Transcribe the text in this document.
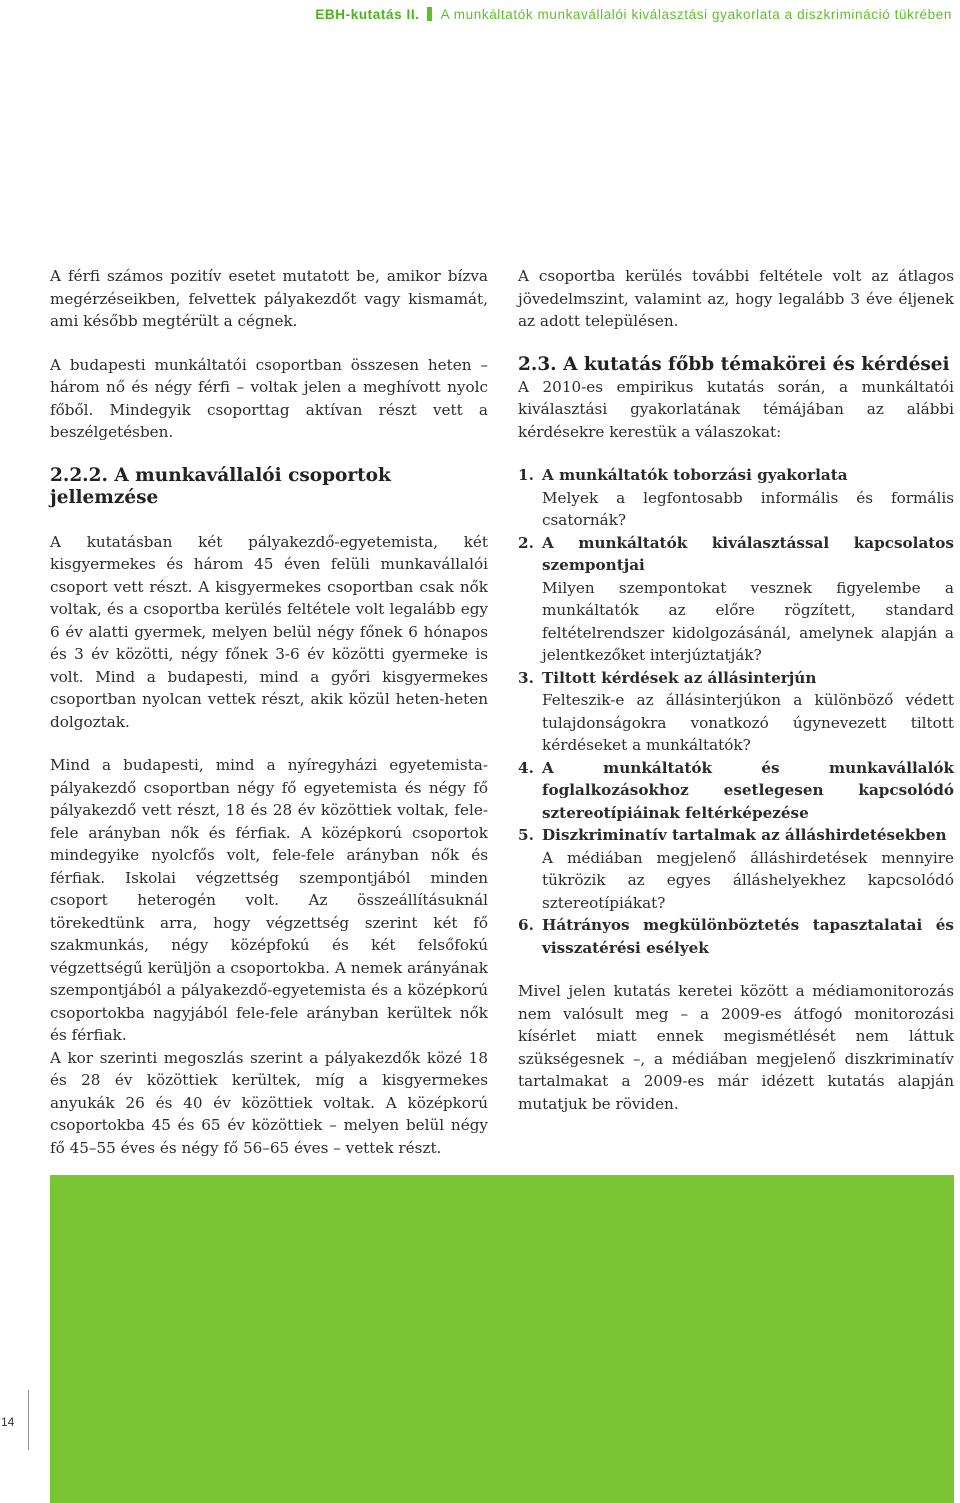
EBH-kutatás II. A munkáltatók munkavállalói kiválasztási gyakorlata a diszkrimináció tükrében

A férfi számos pozitív esetet mutatott be, amikor bízva megérzéseikben, felvettek pályakezdőt vagy kismamát, ami később megtérült a cégnek.

A budapesti munkáltatói csoportban összesen heten – három nő és négy férfi – voltak jelen a meghívott nyolc főből. Mindegyik csoporttag aktívan részt vett a beszélgetésben.

2.2.2. A munkavállalói csoportok jellemzése

A kutatásban két pályakezdő-egyetemista, két kisgyermekes és három 45 éven felüli munkavállalói csoport vett részt. A kisgyermekes csoportban csak nők voltak, és a csoportba kerülés feltétele volt legalább egy 6 év alatti gyermek, melyen belül négy főnek 6 hónapos és 3 év közötti, négy főnek 3-6 év közötti gyermeke is volt. Mind a budapesti, mind a győri kisgyermekes csoportban nyolcan vettek részt, akik közül heten-heten dolgoztak.

Mind a budapesti, mind a nyíregyházi egyetemista-pályakezdő csoportban négy fő egyetemista és négy fő pályakezdő vett részt, 18 és 28 év közöttiek voltak, fele-fele arányban nők és férfiak. A középkorú csoportok mindegyike nyolcfős volt, fele-fele arányban nők és férfiak. Iskolai végzettség szempontjából minden csoport heterogén volt. Az összeállításuknál törekedtünk arra, hogy végzettség szerint két fő szakmunkás, négy középfokú és két felsőfokú végzettségű kerüljön a csoportokba. A nemek arányának szempontjából a pályakezdő-egyetemista és a középkorú csoportokba nagyjából fele-fele arányban kerültek nők és férfiak.

A kor szerinti megoszlás szerint a pályakezdők közé 18 és 28 év közöttiek kerültek, míg a kisgyermekes anyukák 26 és 40 év közöttiek voltak. A középkorú csoportokba 45 és 65 év közöttiek – melyen belül négy fő 45–55 éves és négy fő 56–65 éves – vettek részt.

A csoportba kerülés további feltétele volt az átlagos jövedelmszint, valamint az, hogy legalább 3 éve éljenek az adott településen.

2.3. A kutatás főbb témakörei és kérdései

A 2010-es empirikus kutatás során, a munkáltatói kiválasztási gyakorlatának témájában az alábbi kérdésekre kerestük a válaszokat:

1. A munkáltatók toborzási gyakorlata
Melyek a legfontosabb informális és formális csatornák?
2. A munkáltatók kiválasztással kapcsolatos szempontjai
Milyen szempontokat vesznek figyelembe a munkáltatók az előre rögzített, standard feltételrendszer kidolgozásánál, amelynek alapján a jelentkezőket interjúztatják?
3. Tiltott kérdések az állásinterjún
Felteszik-e az állásinterjúkon a különböző védett tulajdonságokra vonatkozó úgynevezett tiltott kérdéseket a munkáltatók?
4. A munkáltatók és munkavállalók foglalkozásokhoz esetlegesen kapcsolódó sztereotípiáinak feltérképezése
5. Diszkriminatív tartalmak az álláshirdetésekben
A médiában megjelenő álláshirdetések mennyire tükrözik az egyes álláshelyekhez kapcsolódó sztereotípiákat?
6. Hátrányos megkülönböztetés tapasztalatai és visszatérési esélyek

Mivel jelen kutatás keretei között a médiamonitorozás nem valósult meg – a 2009-es átfogó monitorozási kísérlet miatt ennek megismétlését nem láttuk szükségesnek –, a médiában megjelenő diszkriminatív tartalmakat a 2009-es már idézett kutatás alapján mutatjuk be röviden.

14
